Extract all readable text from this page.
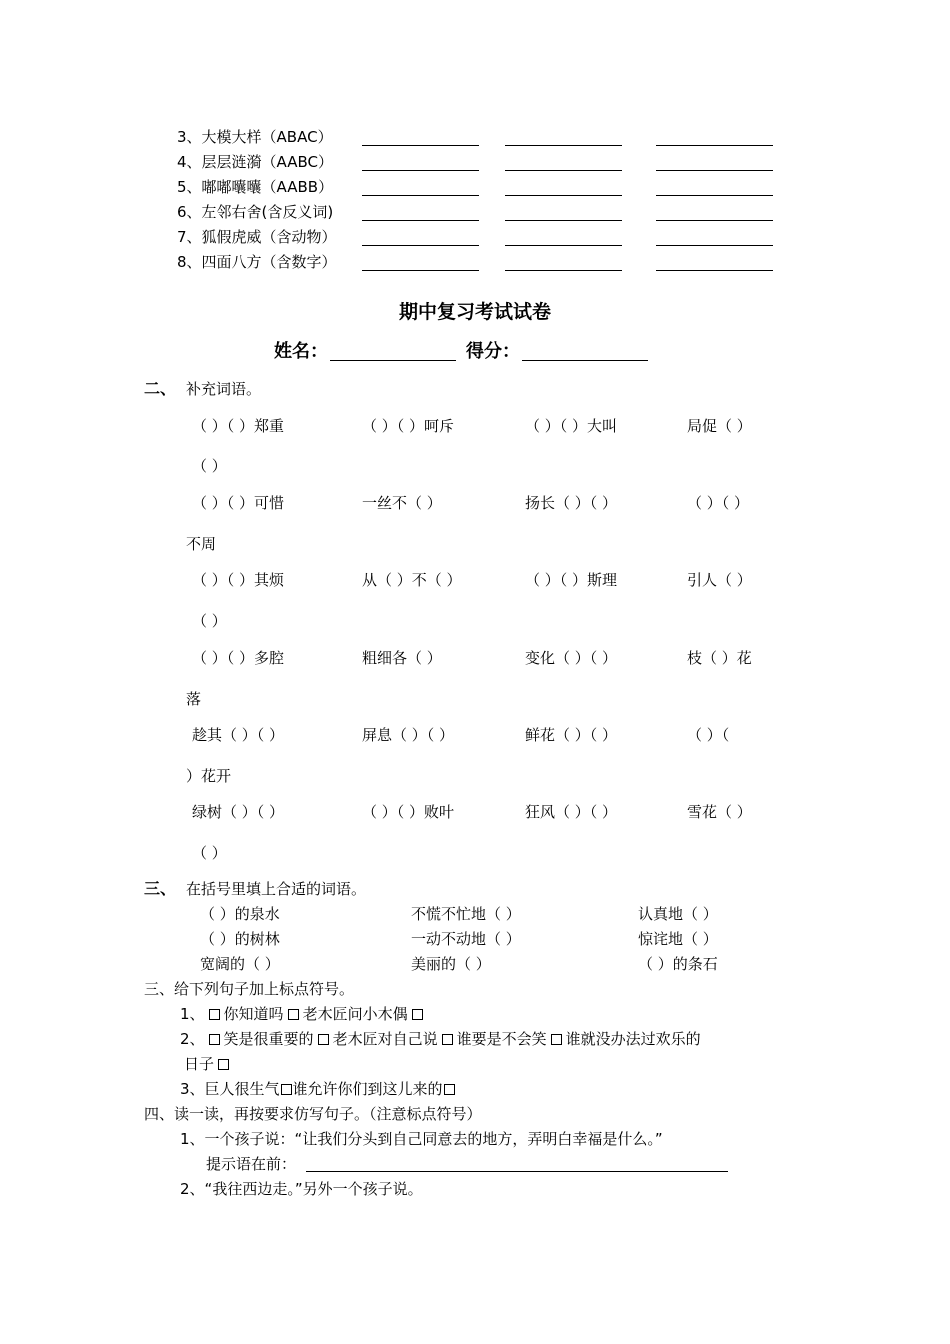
3、大模大样（ABAC）
4、层层涟漪（AABC）
5、嘟嘟囔囔（AABB）
6、左邻右舍(含反义词)
7、狐假虎威（含动物）
8、四面八方（含数字）
期中复习考试试卷
姓名：	得分：
二、 补充词语。
（ ）（ ）郑重	（ ）（ ）呵斥	（ ）（ ）大叫	局促（ ）
（ ）
（ ）（ ）可惜	一丝不（ ）	扬长（ ）（ ）	（ ）（ ）
不周
（ ）（ ）其烦	从（ ）不（ ）	（ ）（ ）斯理	引人（ ）
（ ）
（ ）（ ）多腔	粗细各（ ）	变化（ ）（ ）	枝（ ）花
落
趁其（ ）（ ）	屏息（ ）（ ）	鲜花（ ）（ ）	（ ）（
）花开
绿树（ ）（ ）	（ ）（ ）败叶	狂风（ ）（ ）	雪花（ ）
（ ）
三、 在括号里填上合适的词语。
（ ）的泉水	不慌不忙地（ ）	认真地（ ）
（ ）的树林	一动不动地（ ）	惊诧地（ ）
宽阔的（ ）	美丽的（ ）	（ ）的条石
三、给下列句子加上标点符号。
1、 你知道吗 老木匠问小木偶
2、 笑是很重要的 老木匠对自己说 谁要是不会笑 谁就没办法过欢乐的
日子
3、巨人很生气 谁允许你们到这儿来的
四、读一读，再按要求仿写句子。（注意标点符号）
1、一个孩子说：“让我们分头到自己同意去的地方，弄明白幸福是什么。”
提示语在前：
2、“我往西边走。”另外一个孩子说。
